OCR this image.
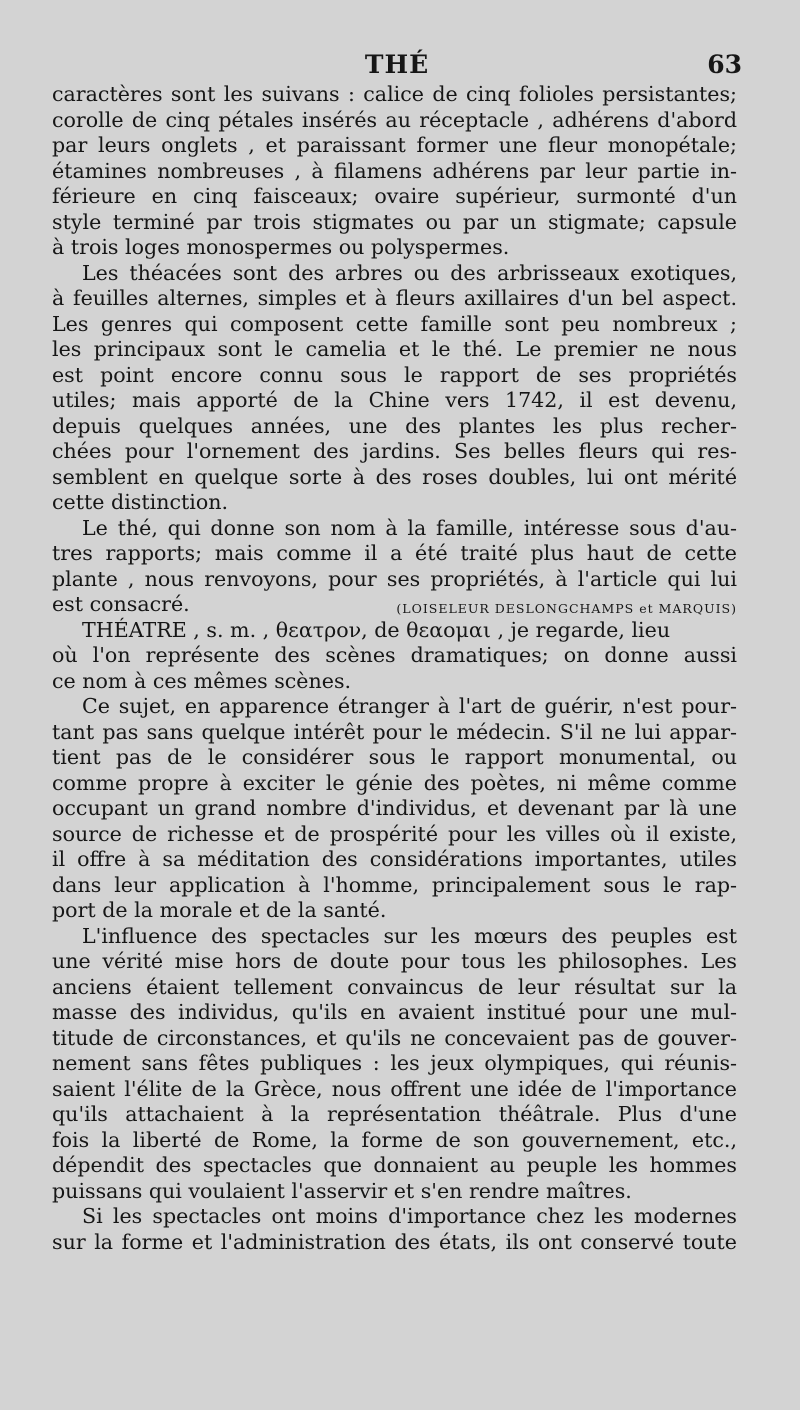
THÉ	63

caractères sont les suivans : calice de cinq folioles persistantes;
corolle de cinq pétales insérés au réceptacle , adhérens d'abord
par leurs onglets , et paraissant former une fleur monopétale;
étamines nombreuses , à filamens adhérens par leur partie in-
férieure en cinq faisceaux; ovaire supérieur, surmonté d'un
style terminé par trois stigmates ou par un stigmate; capsule
à trois loges monospermes ou polyspermes.

Les théacées sont des arbres ou des arbrisseaux exotiques,
à feuilles alternes, simples et à fleurs axillaires d'un bel aspect.
Les genres qui composent cette famille sont peu nombreux ;
les principaux sont le camelia et le thé. Le premier ne nous
est point encore connu sous le rapport de ses propriétés
utiles; mais apporté de la Chine vers 1742, il est devenu,
depuis quelques années, une des plantes les plus recher-
chées pour l'ornement des jardins. Ses belles fleurs qui res-
semblent en quelque sorte à des roses doubles, lui ont mérité
cette distinction.

Le thé, qui donne son nom à la famille, intéresse sous d'au-
tres rapports; mais comme il a été traité plus haut de cette
plante , nous renvoyons, pour ses propriétés, à l'article qui lui
est consacré.	(LOISELEUR DESLONGCHAMPS et MARQUIS)

THÉATRE , s. m. , θεατρον, de θεαομαι , je regarde, lieu
où l'on représente des scènes dramatiques; on donne aussi
ce nom à ces mêmes scènes.

Ce sujet, en apparence étranger à l'art de guérir, n'est pour-
tant pas sans quelque intérêt pour le médecin. S'il ne lui appar-
tient pas de le considérer sous le rapport monumental, ou
comme propre à exciter le génie des poètes, ni même comme
occupant un grand nombre d'individus, et devenant par là une
source de richesse et de prospérité pour les villes où il existe,
il offre à sa méditation des considérations importantes, utiles
dans leur application à l'homme, principalement sous le rap-
port de la morale et de la santé.

L'influence des spectacles sur les mœurs des peuples est
une vérité mise hors de doute pour tous les philosophes. Les
anciens étaient tellement convaincus de leur résultat sur la
masse des individus, qu'ils en avaient institué pour une mul-
titude de circonstances, et qu'ils ne concevaient pas de gouver-
nement sans fêtes publiques : les jeux olympiques, qui réunis-
saient l'élite de la Grèce, nous offrent une idée de l'importance
qu'ils attachaient à la représentation théâtrale. Plus d'une
fois la liberté de Rome, la forme de son gouvernement, etc.,
dépendit des spectacles que donnaient au peuple les hommes
puissans qui voulaient l'asservir et s'en rendre maîtres.

Si les spectacles ont moins d'importance chez les modernes
sur la forme et l'administration des états, ils ont conservé toute
